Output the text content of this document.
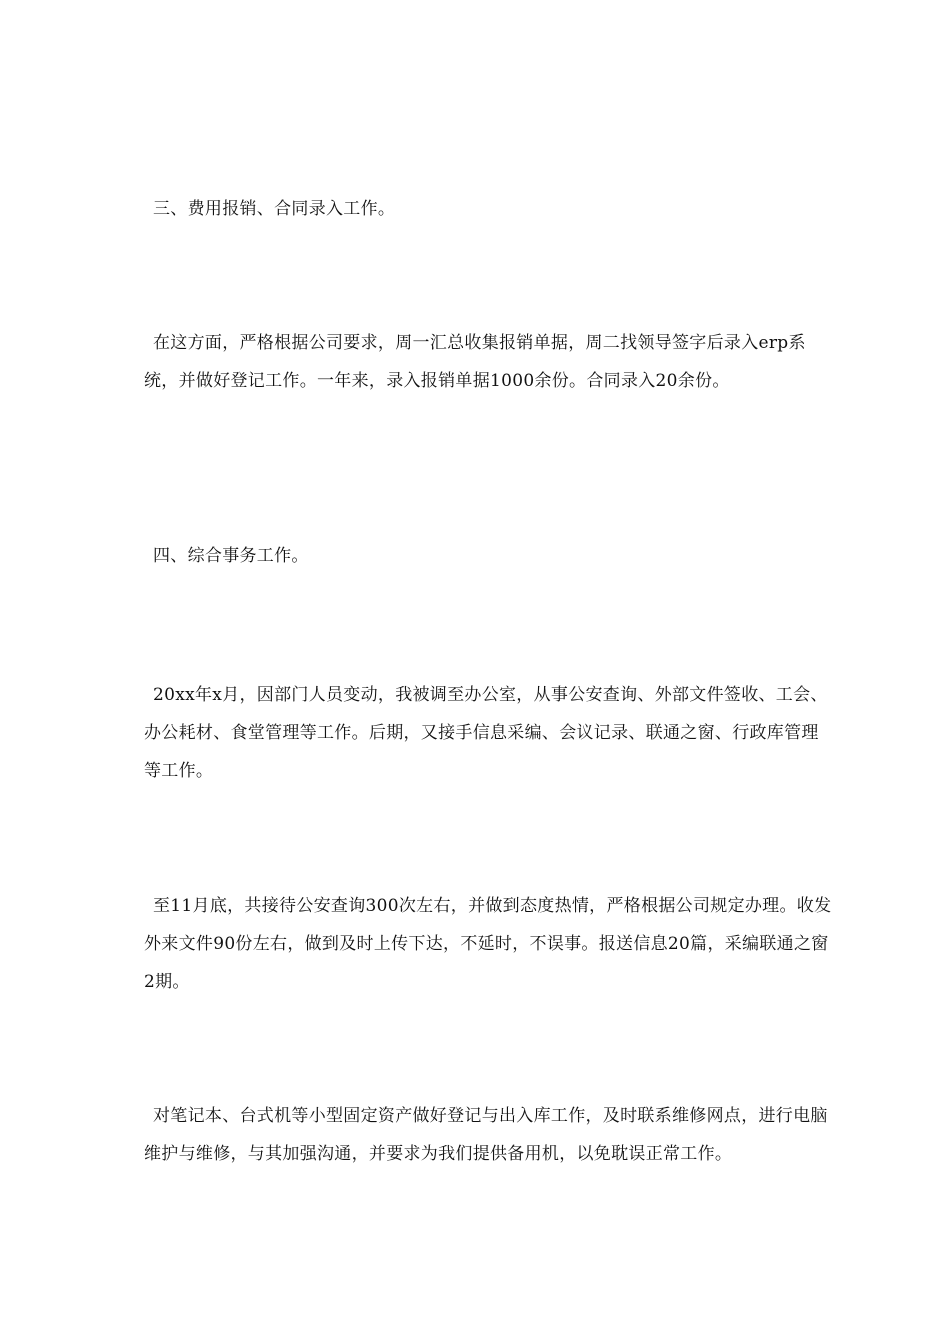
三、费用报销、合同录入工作。

在这方面，严格根据公司要求，周一汇总收集报销单据，周二找领导签字后录入erp系统，并做好登记工作。一年来，录入报销单据1000余份。合同录入20余份。

四、综合事务工作。

20xx年x月，因部门人员变动，我被调至办公室，从事公安查询、外部文件签收、工会、办公耗材、食堂管理等工作。后期，又接手信息采编、会议记录、联通之窗、行政库管理等工作。

至11月底，共接待公安查询300次左右，并做到态度热情，严格根据公司规定办理。收发外来文件90份左右，做到及时上传下达，不延时，不误事。报送信息20篇，采编联通之窗2期。

对笔记本、台式机等小型固定资产做好登记与出入库工作，及时联系维修网点，进行电脑维护与维修，与其加强沟通，并要求为我们提供备用机，以免耽误正常工作。
